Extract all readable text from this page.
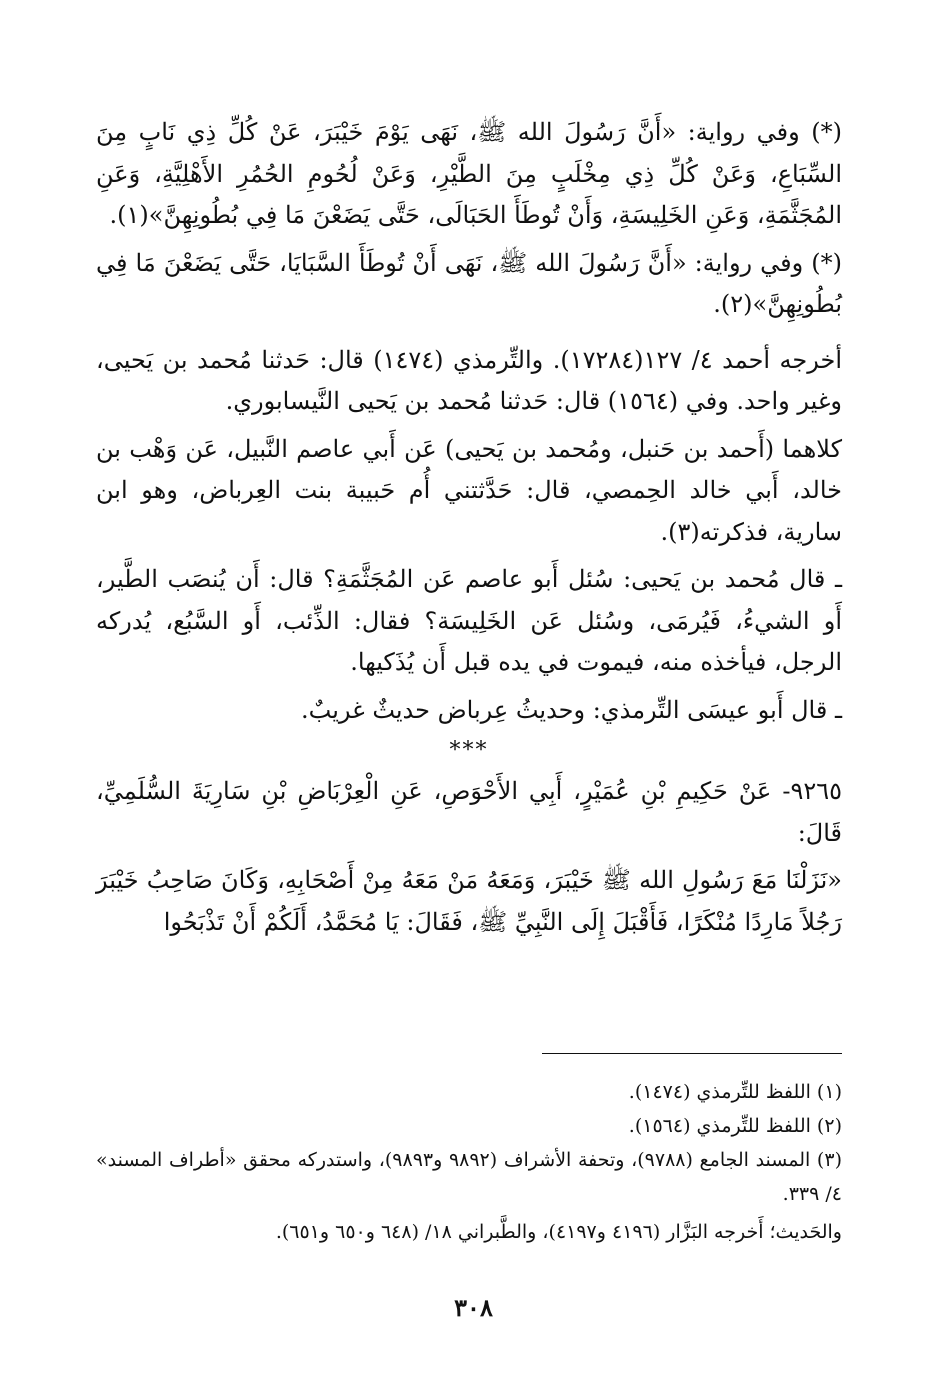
(*) وفي رواية: «أَنَّ رَسُولَ الله ﷺ، نَهَى يَوْمَ خَيْبَرَ، عَنْ كُلِّ ذِي نَابٍ مِنَ السِّبَاعِ، وَعَنْ كُلِّ ذِي مِخْلَبٍ مِنَ الطَّيْرِ، وَعَنْ لُحُومِ الحُمُرِ الأَهْلِيَّةِ، وَعَنِ المُجَثَّمَةِ، وَعَنِ الخَلِيسَةِ، وَأَنْ تُوطَأَ الحَبَالَى، حَتَّى يَضَعْنَ مَا فِي بُطُونِهِنَّ»(١).

(*) وفي رواية: «أَنَّ رَسُولَ الله ﷺ، نَهَى أَنْ تُوطَأَ السَّبَايَا، حَتَّى يَضَعْنَ مَا فِي بُطُونِهِنَّ»(٢).

أخرجه أحمد ٤/ ١٢٧(١٧٢٨٤). والتِّرمذي (١٤٧٤) قال: حَدثنا مُحمد بن يَحيى، وغير واحد. وفي (١٥٦٤) قال: حَدثنا مُحمد بن يَحيى النَّيسابوري.

كلاهما (أَحمد بن حَنبل، ومُحمد بن يَحيى) عَن أَبي عاصم النَّبيل، عَن وَهْب بن خالد، أَبي خالد الحِمصي، قال: حَدَّثتني أُم حَبيبة بنت العِرباض، وهو ابن سارية، فذكرته(٣).

ـ قال مُحمد بن يَحيى: سُئل أَبو عاصم عَن المُجَثَّمَةِ؟ قال: أَن يُنصَب الطَّير، أَو الشيءُ، فَيُرمَى، وسُئل عَن الخَلِيسَة؟ فقال: الذِّئب، أَو السَّبُع، يُدركه الرجل، فيأخذه منه، فيموت في يده قبل أَن يُذَكيها.

ـ قال أَبو عيسَى التِّرمذي: وحديثُ عِرباض حديثٌ غريبٌ.

***

٩٢٦٥- عَنْ حَكِيمِ بْنِ عُمَيْرٍ، أَبِي الأَحْوَصِ، عَنِ الْعِرْبَاضِ بْنِ سَارِيَةَ السُّلَمِيِّ، قَالَ:

«نَزَلْنَا مَعَ رَسُولِ الله ﷺ خَيْبَرَ، وَمَعَهُ مَنْ مَعَهُ مِنْ أَصْحَابِهِ، وَكَانَ صَاحِبُ خَيْبَرَ رَجُلاً مَارِدًا مُنْكَرًا، فَأَقْبَلَ إِلَى النَّبِيِّ ﷺ، فَقَالَ: يَا مُحَمَّدُ، أَلَكُمْ أَنْ تَذْبَحُوا

(١) اللفظ للتِّرمذي (١٤٧٤).

(٢) اللفظ للتِّرمذي (١٥٦٤).

(٣) المسند الجامع (٩٧٨٨)، وتحفة الأشراف (٩٨٩٢ و٩٨٩٣)، واستدركه محقق «أطراف المسند» ٤/ ٣٣٩.

والحَديث؛ أَخرجه البَزَّار (٤١٩٦ و٤١٩٧)، والطَّبراني ١٨/ (٦٤٨ و٦٥٠ و٦٥١).

٣٠٨
